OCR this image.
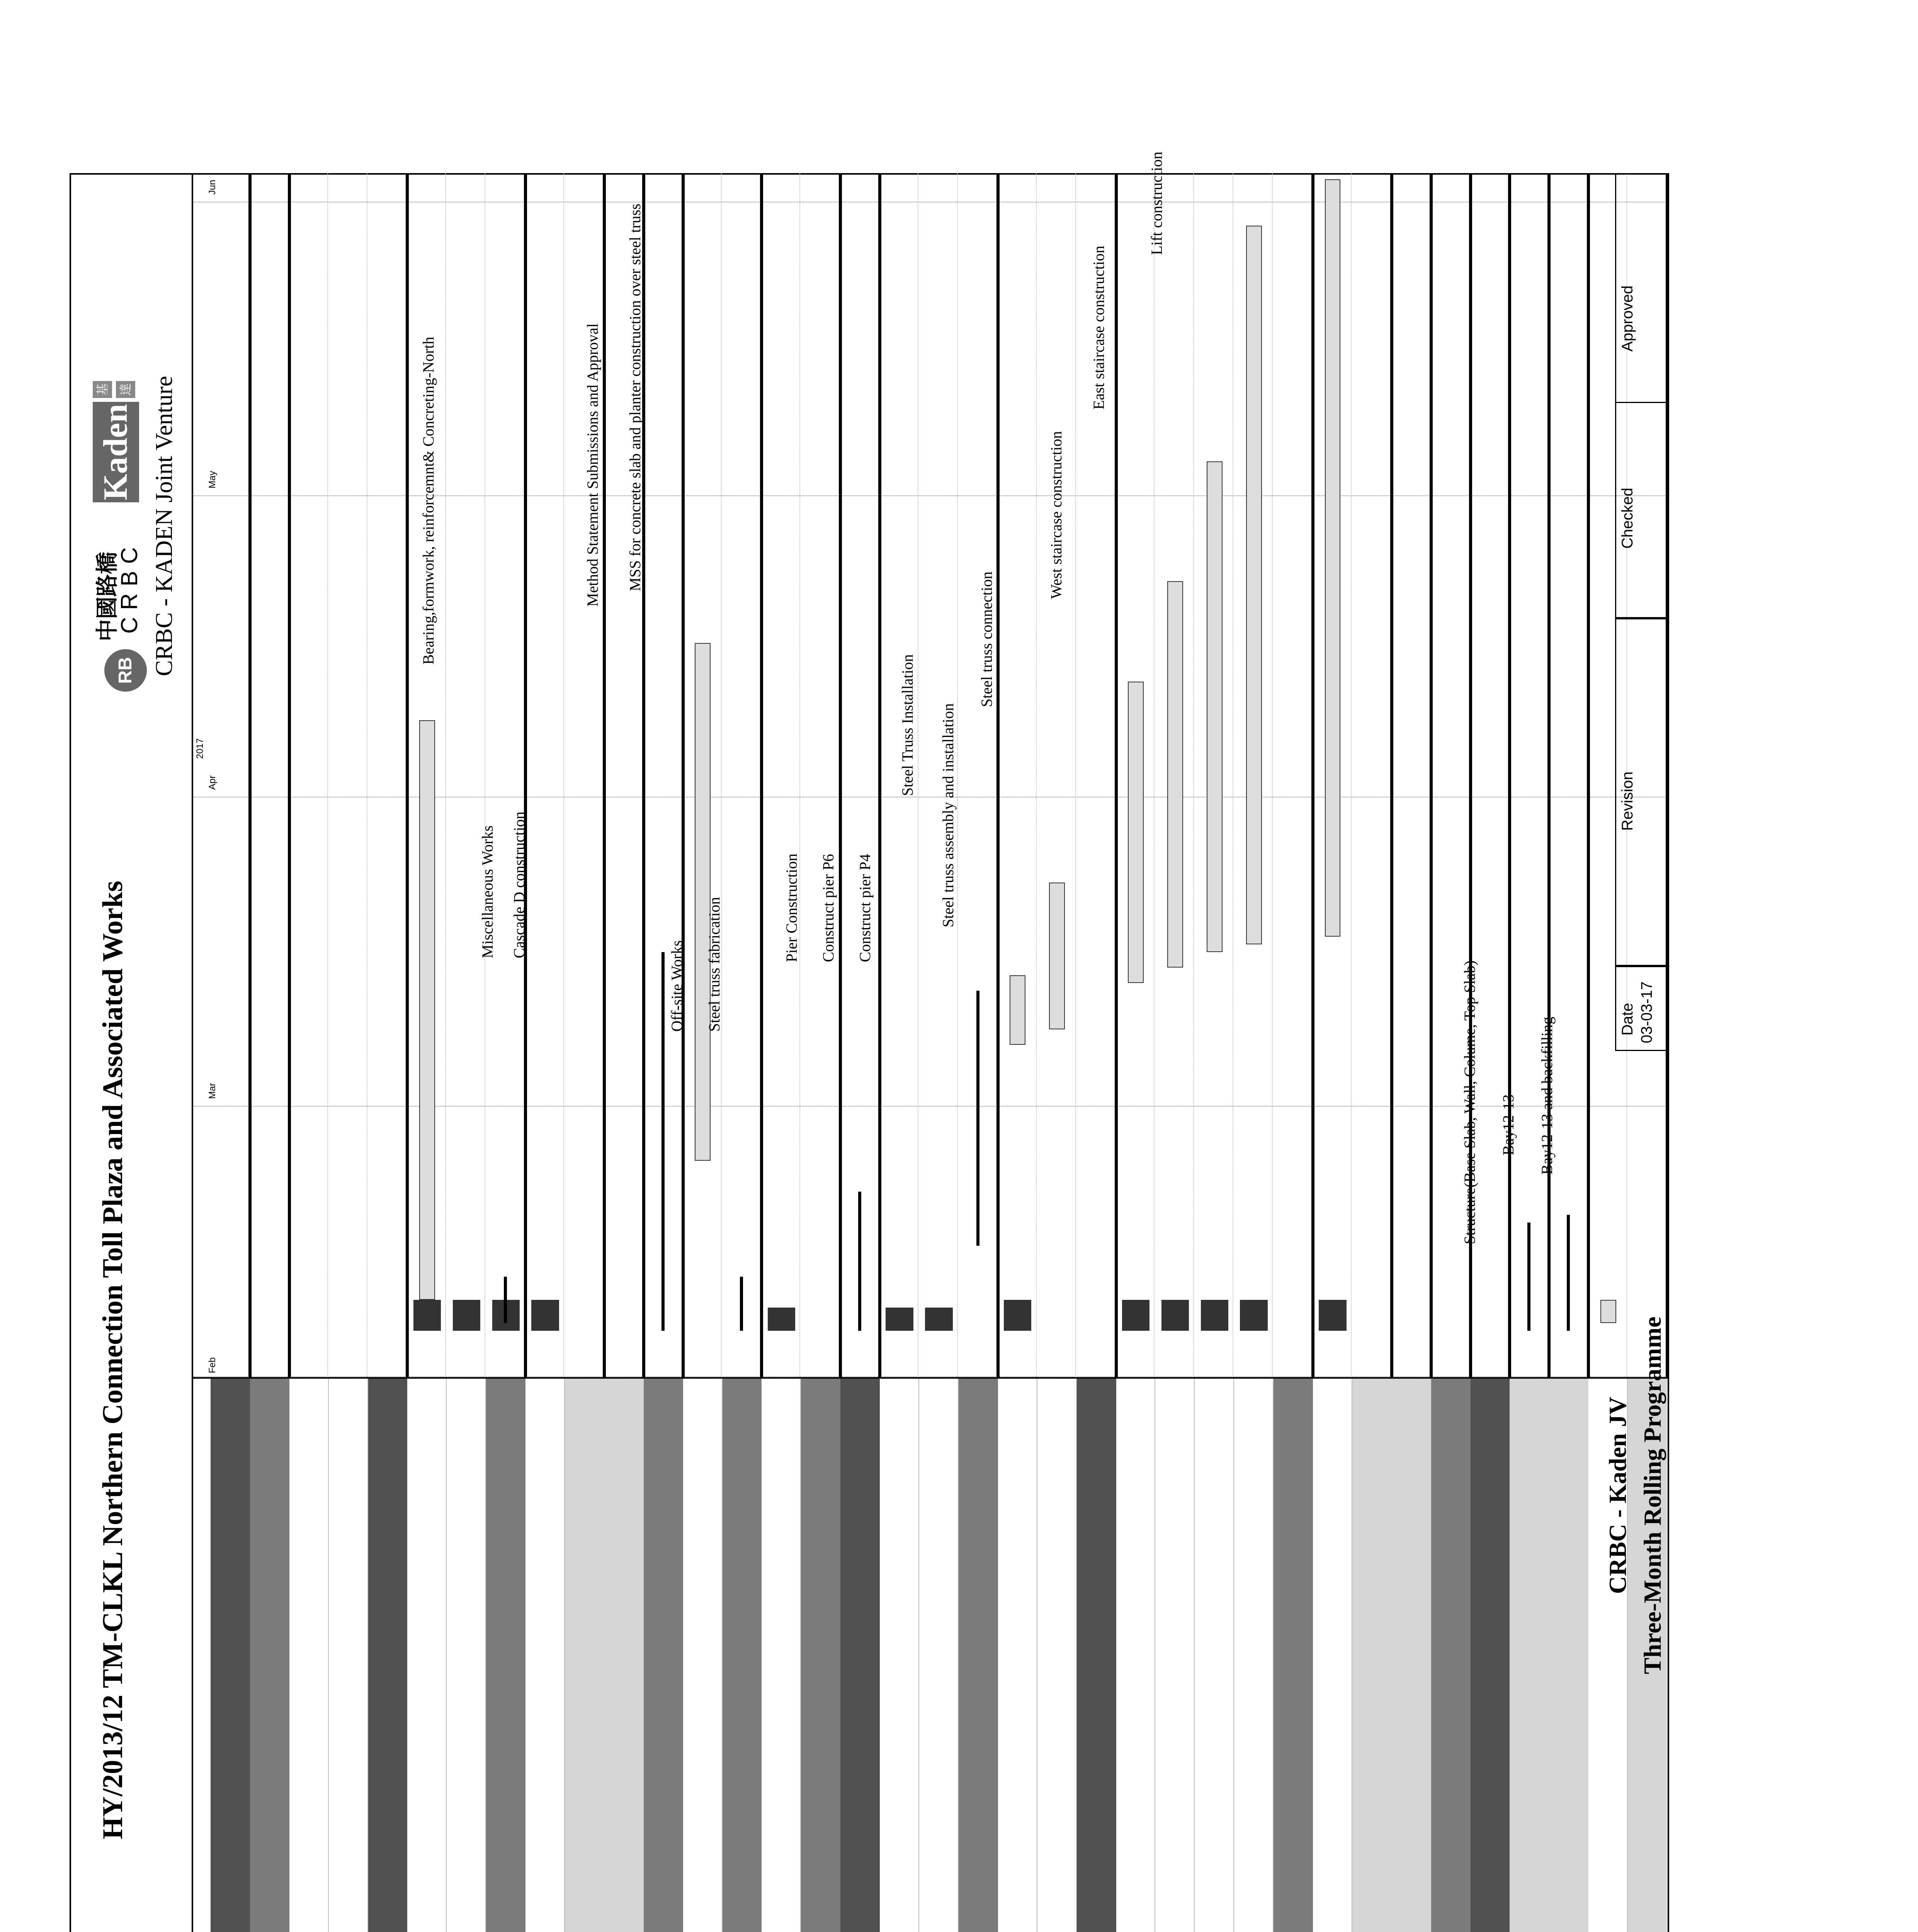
HY/2013/12 TM-CLKL Northern Connection Toll Plaza and Associated Works
RB
中國路橋
CRBC
Kaden
基 達 CRBC - KADEN Joint Venture
2017
Feb
Mar
Apr
May
Jun
Miscellaneous Works Cascade D construction
Bearing,formwork, reinforcemnt& Concreting-North	Method Statement Submissions and Approval MSS for concrete slab and planter construction over steel truss
Off-site Works Steel truss fabrication	Pier Construction Construct pier P6 Construct pier P4
Steel Truss Installation Steel truss assembly and installation
Steel truss connection
West staircase construction
East staircase construction
Lift construction
Structure(Base Slab, Wall, Colume, Top Slab) Bay12-13 Bay12-13 and backfilling
CRBC - Kaden JV Three-Month Rolling Programme
Date 03-03-17
Revision
Checked
Approved
